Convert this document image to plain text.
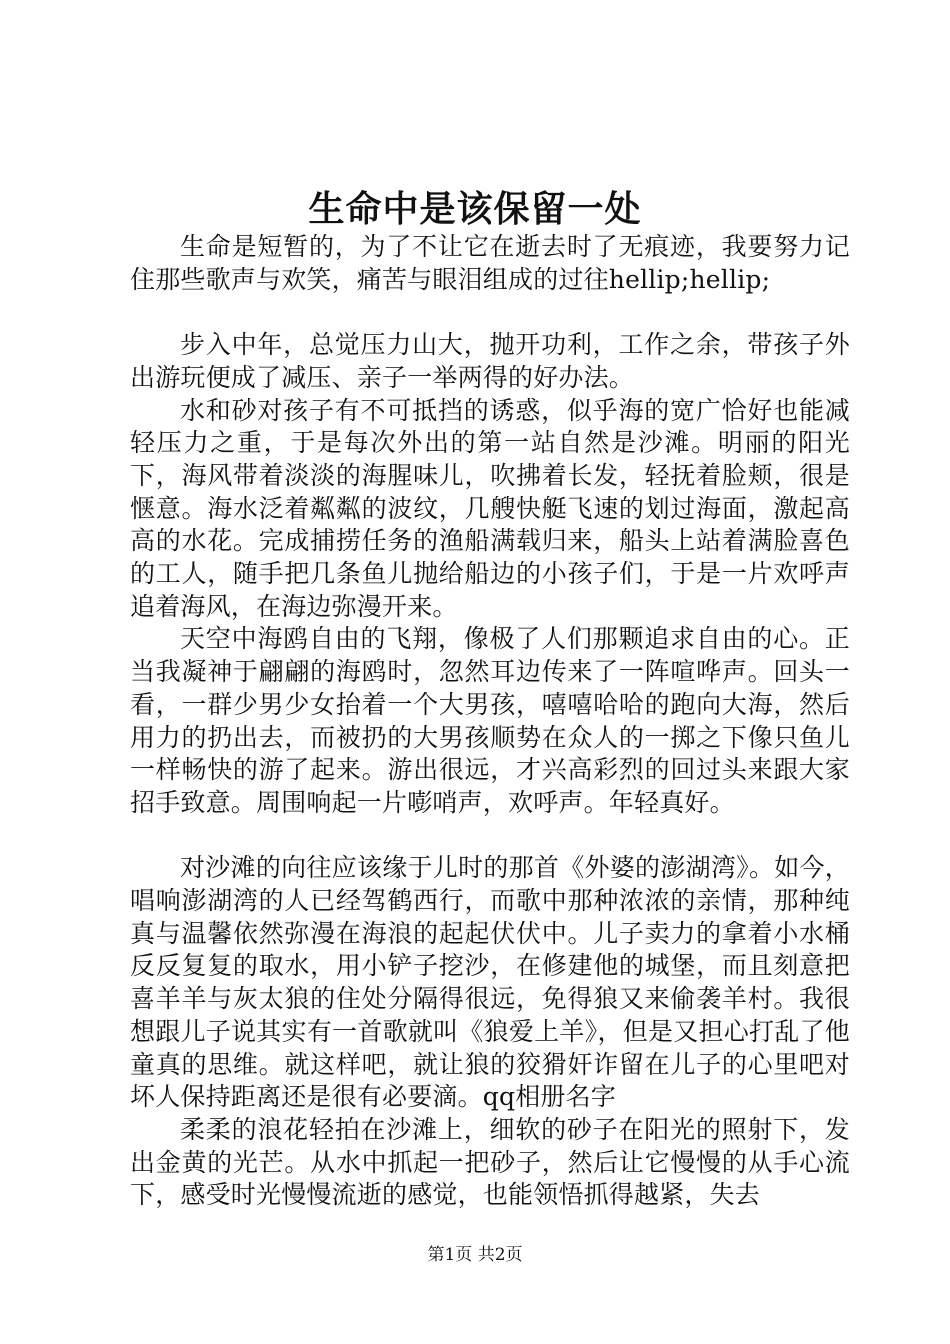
生命中是该保留一处

生命是短暂的，为了不让它在逝去时了无痕迹，我要努力记住那些歌声与欢笑，痛苦与眼泪组成的过往hellip;hellip;

步入中年，总觉压力山大，抛开功利，工作之余，带孩子外出游玩便成了减压、亲子一举两得的好办法。

水和砂对孩子有不可抵挡的诱惑，似乎海的宽广恰好也能减轻压力之重，于是每次外出的第一站自然是沙滩。明丽的阳光下，海风带着淡淡的海腥味儿，吹拂着长发，轻抚着脸颊，很是惬意。海水泛着粼粼的波纹，几艘快艇飞速的划过海面，激起高高的水花。完成捕捞任务的渔船满载归来，船头上站着满脸喜色的工人，随手把几条鱼儿抛给船边的小孩子们，于是一片欢呼声追着海风，在海边弥漫开来。

天空中海鸥自由的飞翔，像极了人们那颗追求自由的心。正当我凝神于翩翩的海鸥时，忽然耳边传来了一阵喧哗声。回头一看，一群少男少女抬着一个大男孩，嘻嘻哈哈的跑向大海，然后用力的扔出去，而被扔的大男孩顺势在众人的一掷之下像只鱼儿一样畅快的游了起来。游出很远，才兴高彩烈的回过头来跟大家招手致意。周围响起一片嘭哨声，欢呼声。年轻真好。

对沙滩的向往应该缘于儿时的那首《外婆的澎湖湾》。如今，唱响澎湖湾的人已经驾鹤西行，而歌中那种浓浓的亲情，那种纯真与温馨依然弥漫在海浪的起起伏伏中。儿子卖力的拿着小水桶反反复复的取水，用小铲子挖沙，在修建他的城堡，而且刻意把喜羊羊与灰太狼的住处分隔得很远，免得狼又来偷袭羊村。我很想跟儿子说其实有一首歌就叫《狼爱上羊》，但是又担心打乱了他童真的思维。就这样吧，就让狼的狡猾奸诈留在儿子的心里吧对坏人保持距离还是很有必要滴。qq相册名字

柔柔的浪花轻拍在沙滩上，细软的砂子在阳光的照射下，发出金黄的光芒。从水中抓起一把砂子，然后让它慢慢的从手心流下，感受时光慢慢流逝的感觉，也能领悟抓得越紧，失去

第1页 共2页
